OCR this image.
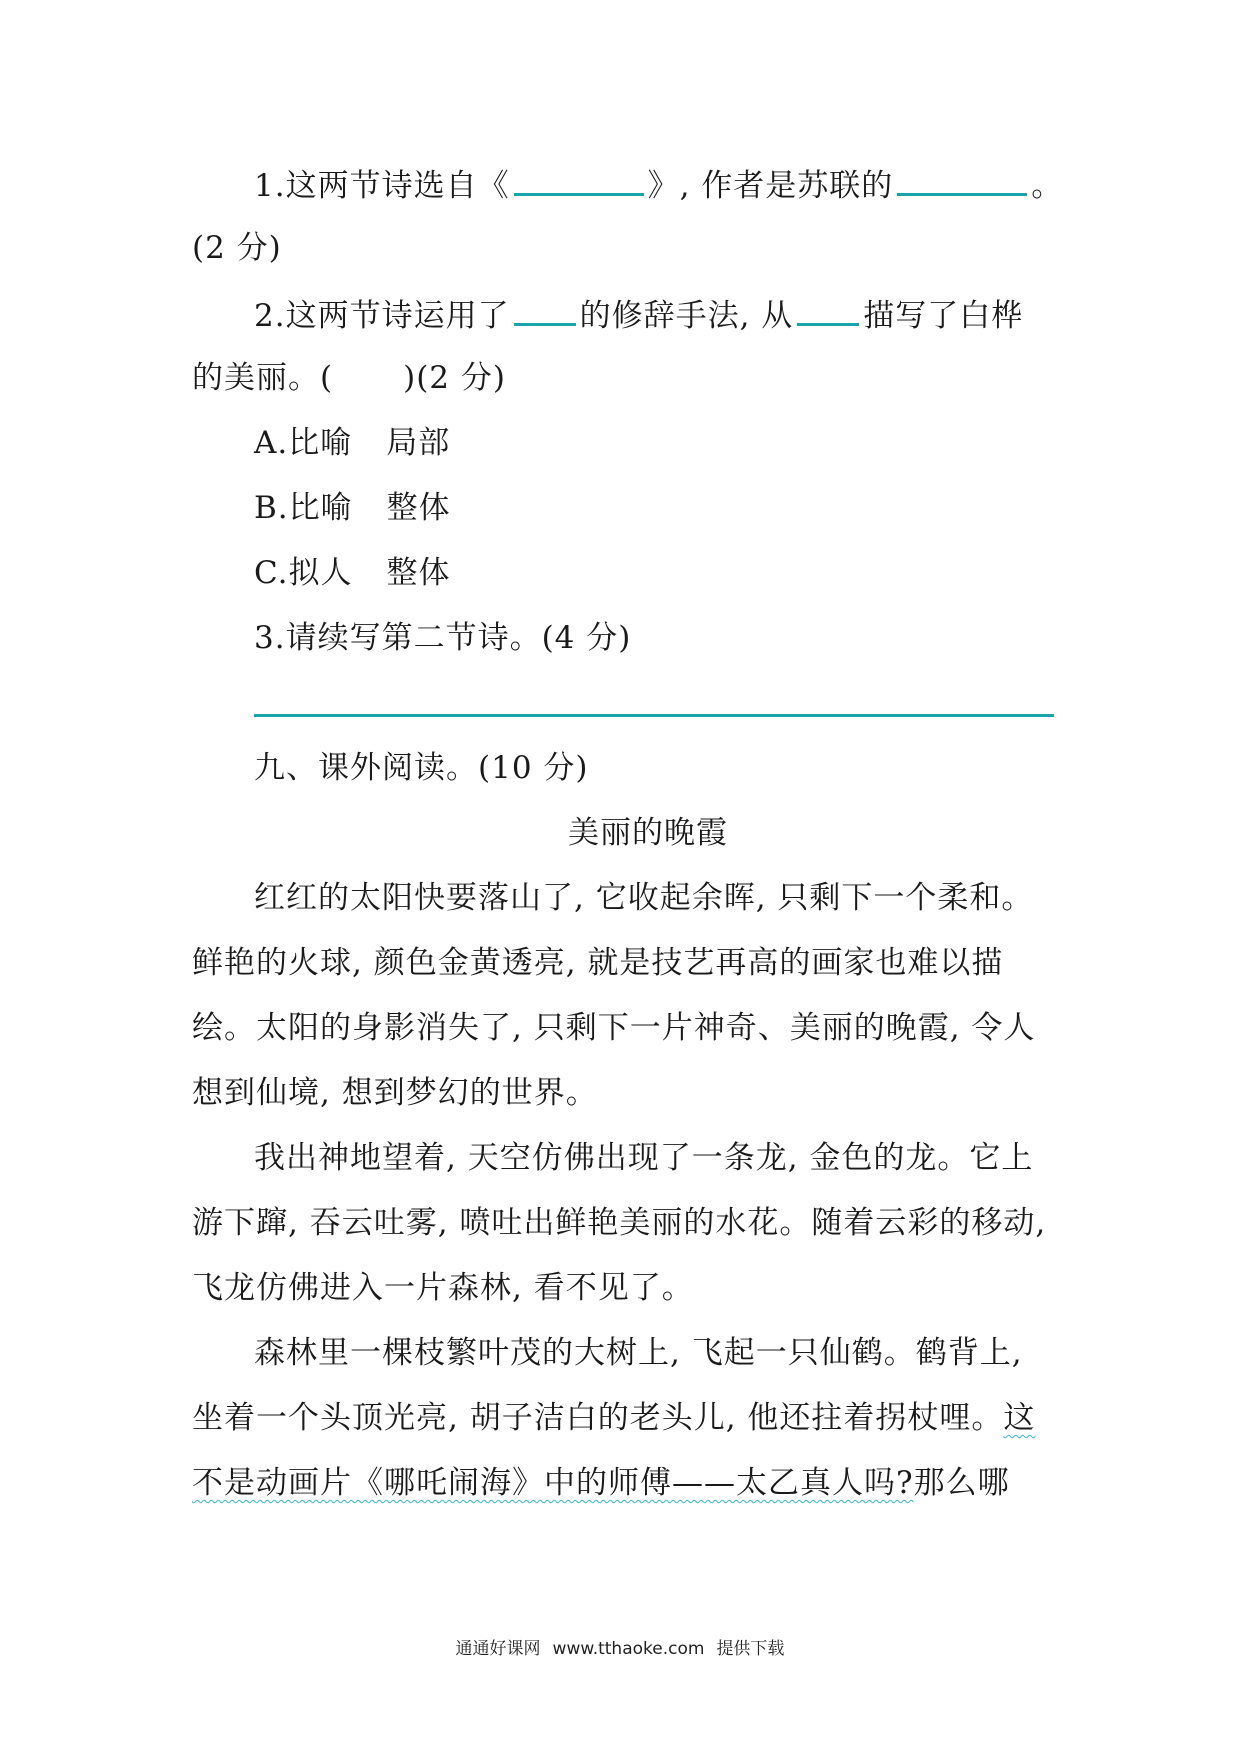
1.这两节诗选自《	》, 作者是苏联的	。
(2 分)
2.这两节诗运用了 的修辞手法, 从 描写了白桦
的美丽。( )(2 分)
A.比喻 局部
B.比喻 整体
C.拟人 整体
3.请续写第二节诗。(4 分)
九、课外阅读。(10 分)
美丽的晚霞
红红的太阳快要落山了, 它收起余晖, 只剩下一个柔和。
鲜艳的火球, 颜色金黄透亮, 就是技艺再高的画家也难以描
绘。太阳的身影消失了, 只剩下一片神奇、美丽的晚霞, 令人
想到仙境, 想到梦幻的世界。
我出神地望着, 天空仿佛出现了一条龙, 金色的龙。它上
游下蹿, 吞云吐雾, 喷吐出鲜艳美丽的水花。随着云彩的移动,
飞龙仿佛进入一片森林, 看不见了。
森林里一棵枝繁叶茂的大树上, 飞起一只仙鹤。鹤背上,
坐着一个头顶光亮, 胡子洁白的老头儿, 他还拄着拐杖哩。这
不是动画片《哪吒闹海》中的师傅——太乙真人吗?那么哪
通通好课网 www.tthaoke.com 提供下载
